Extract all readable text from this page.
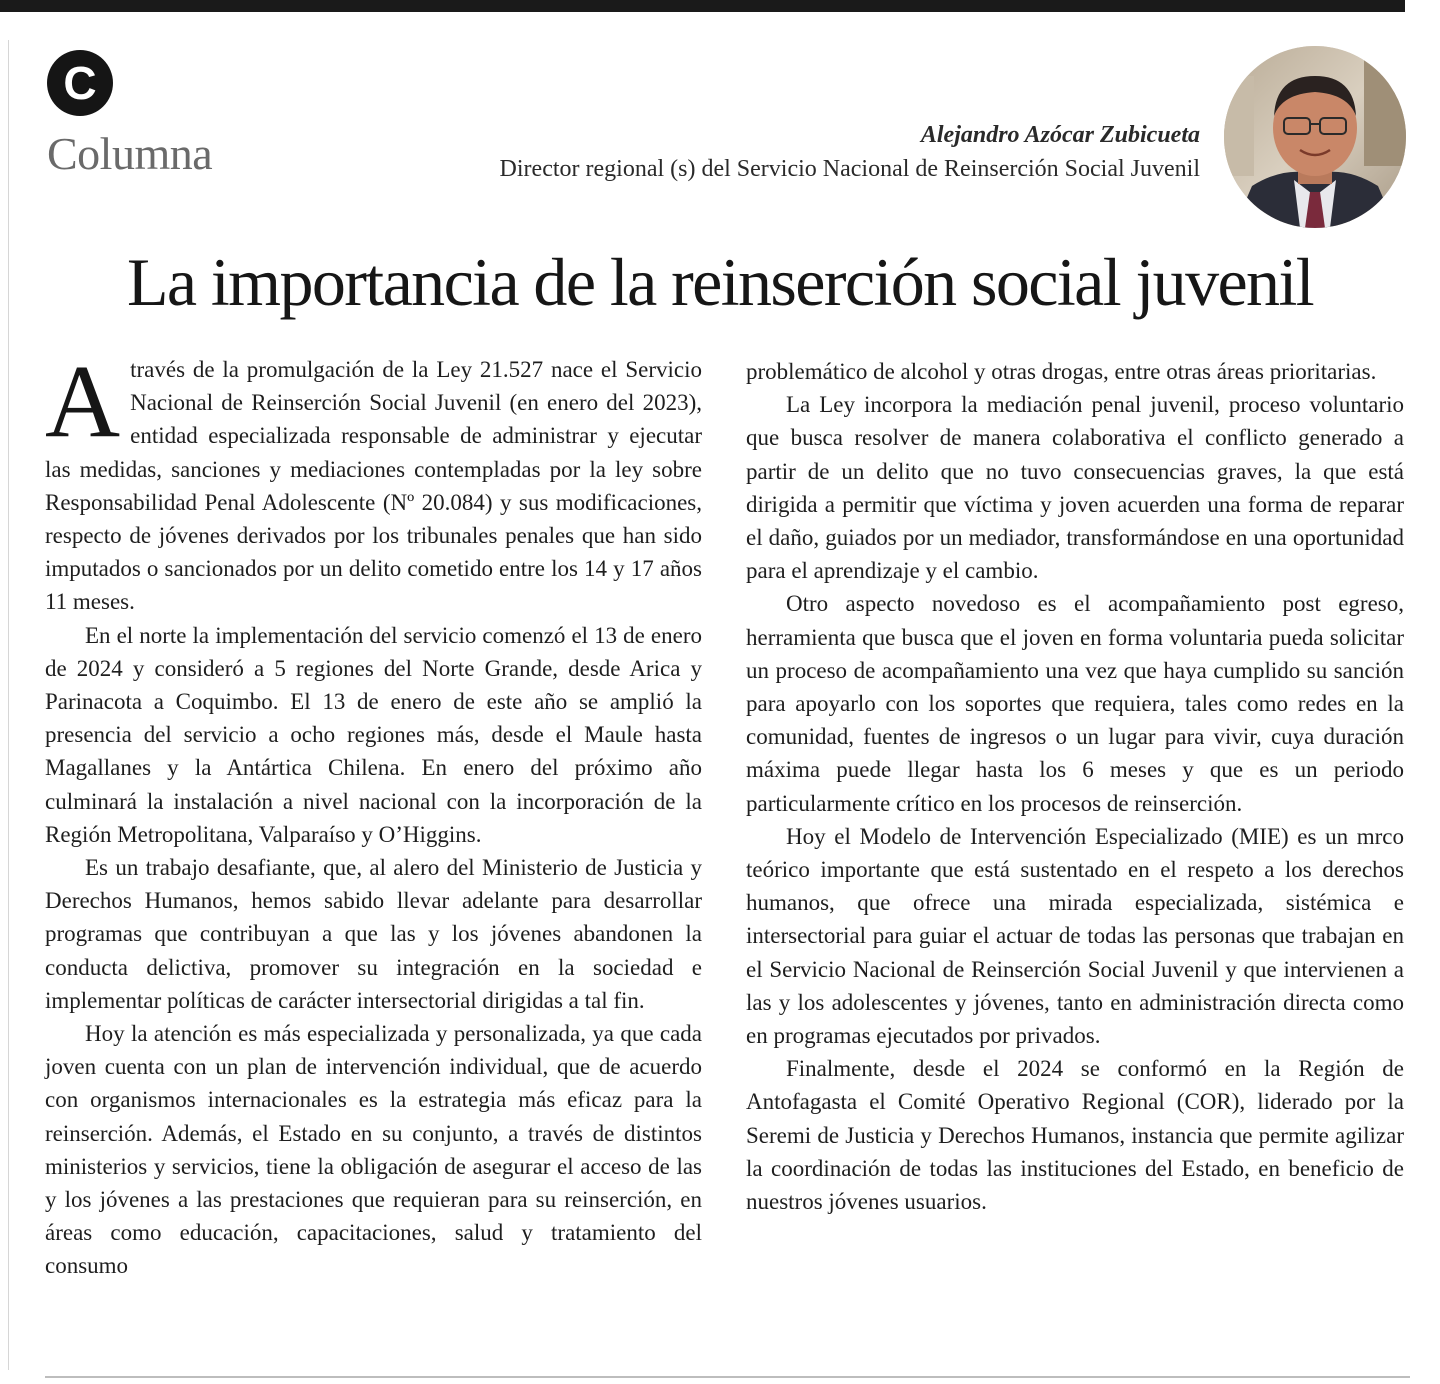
C
Columna	Alejandro Azócar Zubicueta
Director regional (s) del Servicio Nacional de Reinserción Social Juvenil
La importancia de la reinserción social juvenil

A través de la promulgación de la Ley 21.527 nace el Servicio Nacional de Reinserción Social Juvenil (en enero del 2023), entidad especializada responsable de administrar y ejecutar las medidas, sanciones y mediaciones contempladas por la ley sobre Responsabilidad Penal Adolescente (Nº 20.084) y sus modificaciones, respecto de jóvenes derivados por los tribunales penales que han sido imputados o sancionados por un delito cometido entre los 14 y 17 años 11 meses.

En el norte la implementación del servicio comenzó el 13 de enero de 2024 y consideró a 5 regiones del Norte Grande, desde Arica y Parinacota a Coquimbo. El 13 de enero de este año se amplió la presencia del servicio a ocho regiones más, desde el Maule hasta Magallanes y la Antártica Chilena. En enero del próximo año culminará la instalación a nivel nacional con la incorporación de la Región Metropolitana, Valparaíso y O’Higgins.

Es un trabajo desafiante, que, al alero del Ministerio de Justicia y Derechos Humanos, hemos sabido llevar adelante para desarrollar programas que contribuyan a que las y los jóvenes abandonen la conducta delictiva, promover su integración en la sociedad e implementar políticas de carácter intersectorial dirigidas a tal fin.

Hoy la atención es más especializada y personalizada, ya que cada joven cuenta con un plan de intervención individual, que de acuerdo con organismos internacionales es la estrategia más eficaz para la reinserción. Además, el Estado en su conjunto, a través de distintos ministerios y servicios, tiene la obligación de asegurar el acceso de las y los jóvenes a las prestaciones que requieran para su reinserción, en áreas como educación, capacitaciones, salud y tratamiento del consumo

problemático de alcohol y otras drogas, entre otras áreas prioritarias.

La Ley incorpora la mediación penal juvenil, proceso voluntario que busca resolver de manera colaborativa el conflicto generado a partir de un delito que no tuvo consecuencias graves, la que está dirigida a permitir que víctima y joven acuerden una forma de reparar el daño, guiados por un mediador, transformándose en una oportunidad para el aprendizaje y el cambio.

Otro aspecto novedoso es el acompañamiento post egreso, herramienta que busca que el joven en forma voluntaria pueda solicitar un proceso de acompañamiento una vez que haya cumplido su sanción para apoyarlo con los soportes que requiera, tales como redes en la comunidad, fuentes de ingresos o un lugar para vivir, cuya duración máxima puede llegar hasta los 6 meses y que es un periodo particularmente crítico en los procesos de reinserción.

Hoy el Modelo de Intervención Especializado (MIE) es un mrco teórico importante que está sustentado en el respeto a los derechos humanos, que ofrece una mirada especializada, sistémica e intersectorial para guiar el actuar de todas las personas que trabajan en el Servicio Nacional de Reinserción Social Juvenil y que intervienen a las y los adolescentes y jóvenes, tanto en administración directa como en programas ejecutados por privados.

Finalmente, desde el 2024 se conformó en la Región de Antofagasta el Comité Operativo Regional (COR), liderado por la Seremi de Justicia y Derechos Humanos, instancia que permite agilizar la coordinación de todas las instituciones del Estado, en beneficio de nuestros jóvenes usuarios.
